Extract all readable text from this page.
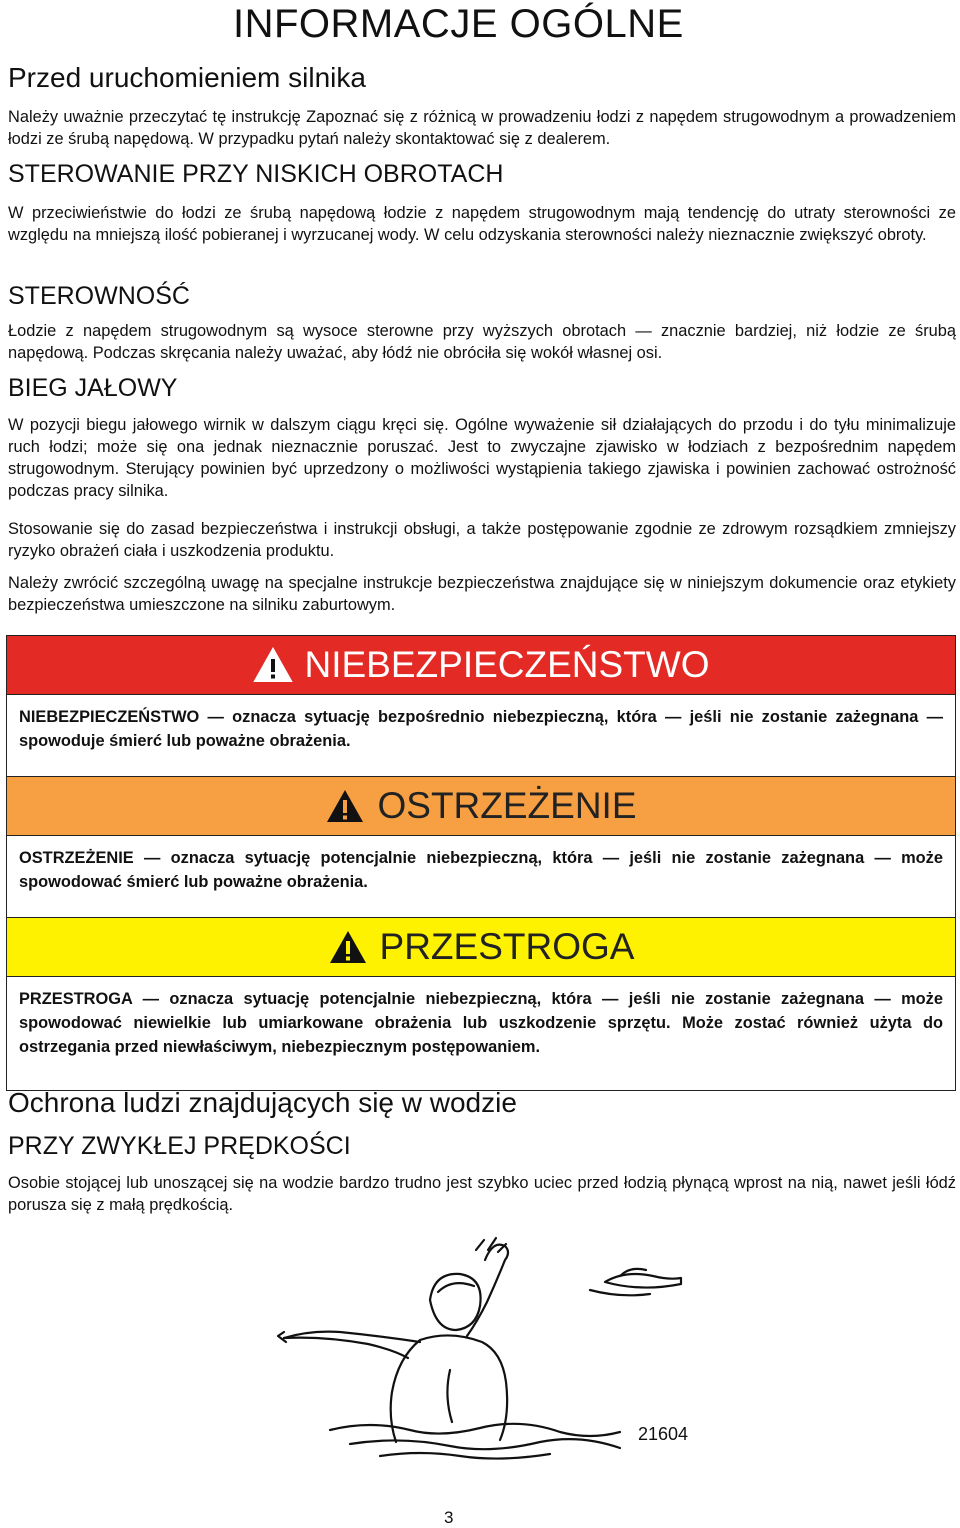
INFORMACJE OGÓLNE
Przed uruchomieniem silnika
Należy uważnie przeczytać tę instrukcję Zapoznać się z różnicą w prowadzeniu łodzi z napędem strugowodnym a prowadzeniem łodzi ze śrubą napędową. W przypadku pytań należy skontaktować się z dealerem.
STEROWANIE PRZY NISKICH OBROTACH
W przeciwieństwie do łodzi ze śrubą napędową łodzie z napędem strugowodnym mają tendencję do utraty sterowności ze względu na mniejszą ilość pobieranej i wyrzucanej wody. W celu odzyskania sterowności należy nieznacznie zwiększyć obroty.
STEROWNOŚĆ
Łodzie z napędem strugowodnym są wysoce sterowne przy wyższych obrotach — znacznie bardziej, niż łodzie ze śrubą napędową. Podczas skręcania należy uważać, aby łódź nie obróciła się wokół własnej osi.
BIEG JAŁOWY
W pozycji biegu jałowego wirnik w dalszym ciągu kręci się. Ogólne wyważenie sił działających do przodu i do tyłu minimalizuje ruch łodzi; może się ona jednak nieznacznie poruszać. Jest to zwyczajne zjawisko w łodziach z bezpośrednim napędem strugowodnym. Sterujący powinien być uprzedzony o możliwości wystąpienia takiego zjawiska i powinien zachować ostrożność podczas pracy silnika.
Stosowanie się do zasad bezpieczeństwa i instrukcji obsługi, a także postępowanie zgodnie ze zdrowym rozsądkiem zmniejszy ryzyko obrażeń ciała i uszkodzenia produktu.
Należy zwrócić szczególną uwagę na specjalne instrukcje bezpieczeństwa znajdujące się w niniejszym dokumencie oraz etykiety bezpieczeństwa umieszczone na silniku zaburtowym.
NIEBEZPIECZEŃSTWO
NIEBEZPIECZEŃSTWO — oznacza sytuację bezpośrednio niebezpieczną, która — jeśli nie zostanie zażegnana — spowoduje śmierć lub poważne obrażenia.
OSTRZEŻENIE
OSTRZEŻENIE — oznacza sytuację potencjalnie niebezpieczną, która — jeśli nie zostanie zażegnana — może spowodować śmierć lub poważne obrażenia.
PRZESTROGA
PRZESTROGA — oznacza sytuację potencjalnie niebezpieczną, która — jeśli nie zostanie zażegnana — może spowodować niewielkie lub umiarkowane obrażenia lub uszkodzenie sprzętu. Może zostać również użyta do ostrzegania przed niewłaściwym, niebezpiecznym postępowaniem.
Ochrona ludzi znajdujących się w wodzie
PRZY ZWYKŁEJ PRĘDKOŚCI
Osobie stojącej lub unoszącej się na wodzie bardzo trudno jest szybko uciec przed łodzią płynącą wprost na nią, nawet jeśli łódź porusza się z małą prędkością.
21604
3
